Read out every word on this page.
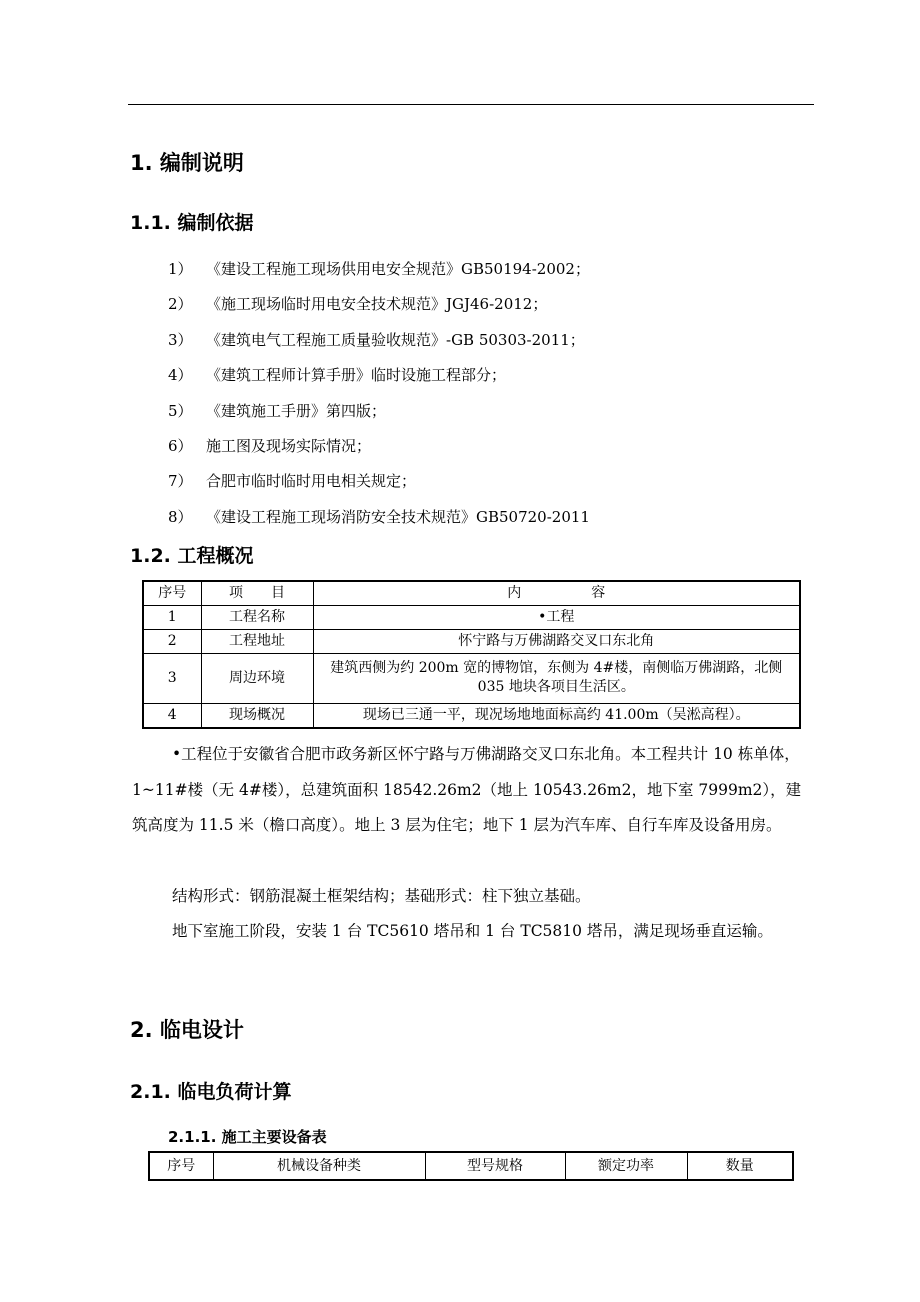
1. 编制说明
1.1. 编制依据
1） 《建设工程施工现场供用电安全规范》GB50194-2002；
2） 《施工现场临时用电安全技术规范》JGJ46-2012；
3） 《建筑电气工程施工质量验收规范》-GB 50303-2011；
4） 《建筑工程师计算手册》临时设施工程部分；
5） 《建筑施工手册》第四版；
6） 施工图及现场实际情况；
7） 合肥市临时临时用电相关规定；
8） 《建设工程施工现场消防安全技术规范》GB50720-2011
1.2. 工程概况
序号	项　　目	内　　　　　容
1	工程名称	•工程
2	工程地址	怀宁路与万佛湖路交叉口东北角
3	周边环境	建筑西侧为约 200m 宽的博物馆，东侧为 4#楼，南侧临万佛湖路，北侧 035 地块各项目生活区。
4	现场概况	现场已三通一平，现况场地地面标高约 41.00m（吴淞高程）。
•工程位于安徽省合肥市政务新区怀宁路与万佛湖路交叉口东北角。本工程共计 10 栋单体，1~11#楼（无 4#楼），总建筑面积 18542.26m2（地上 10543.26m2，地下室 7999m2），建筑高度为 11.5 米（檐口高度）。地上 3 层为住宅；地下 1 层为汽车库、自行车库及设备用房。
结构形式：钢筋混凝土框架结构；基础形式：柱下独立基础。
地下室施工阶段，安装 1 台 TC5610 塔吊和 1 台 TC5810 塔吊，满足现场垂直运输。
2. 临电设计
2.1. 临电负荷计算
2.1.1. 施工主要设备表
序号	机械设备种类	型号规格	额定功率	数量
